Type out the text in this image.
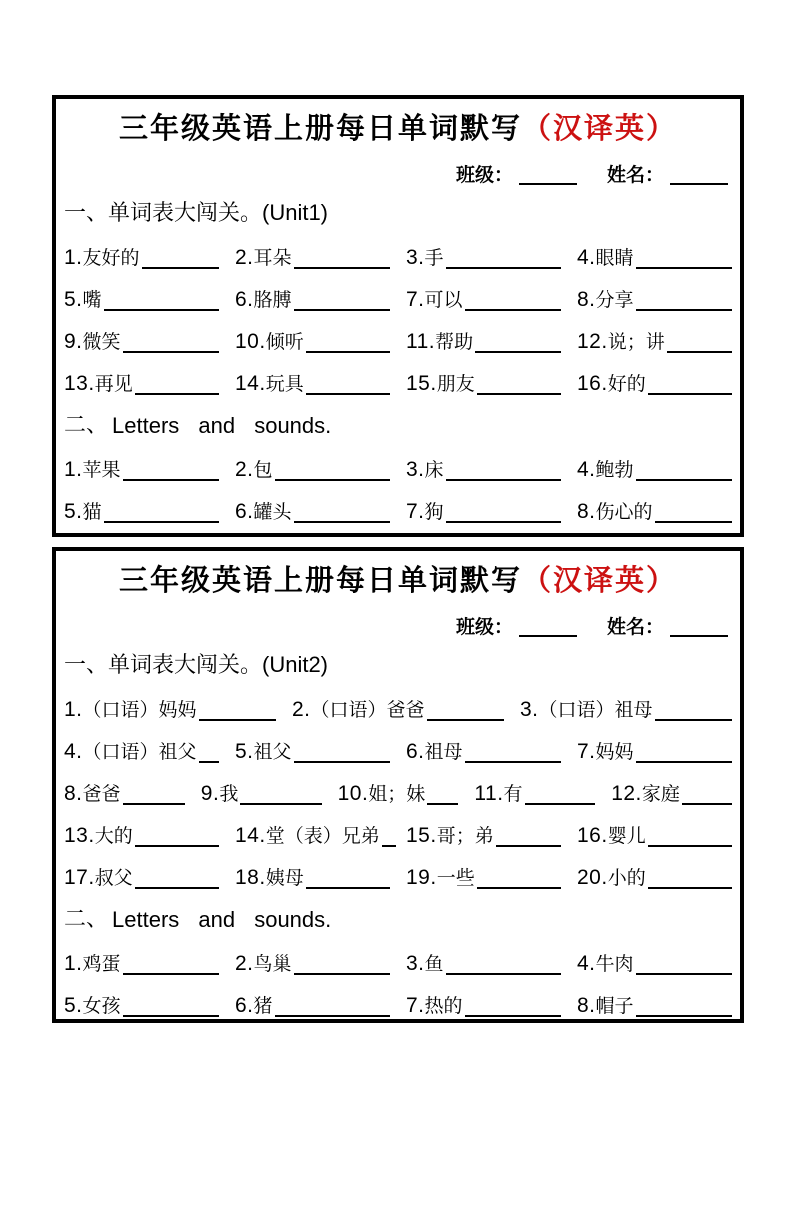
三年级英语上册每日单词默写（汉译英）
班级：	姓名：
一、单词表大闯关。(Unit1)
1. 友好的	2. 耳朵	3. 手	4. 眼睛
5. 嘴	6. 胳膊	7. 可以	8. 分享
9. 微笑	10. 倾听	11. 帮助	12. 说；讲
13. 再见	14. 玩具	15. 朋友	16. 好的
二、 Letters and sounds.
1. 苹果	2. 包	3. 床	4. 鲍勃
5. 猫	6. 罐头	7. 狗	8. 伤心的
三年级英语上册每日单词默写（汉译英）
班级：	姓名：
一、单词表大闯关。(Unit2)
1. （口语）妈妈	2. （口语）爸爸	3. （口语）祖母
4. （口语）祖父 5. 祖父	6. 祖母	7. 妈妈
8. 爸爸	9. 我	10. 姐；妹 11. 有	12. 家庭
13. 大的	14. 堂（表）兄弟 15. 哥；弟	16. 婴儿
17. 叔父	18. 姨母	19. 一些	20. 小的
二、 Letters and sounds.
1. 鸡蛋	2. 鸟巢	3. 鱼	4. 牛肉
5. 女孩	6. 猪	7. 热的	8. 帽子
